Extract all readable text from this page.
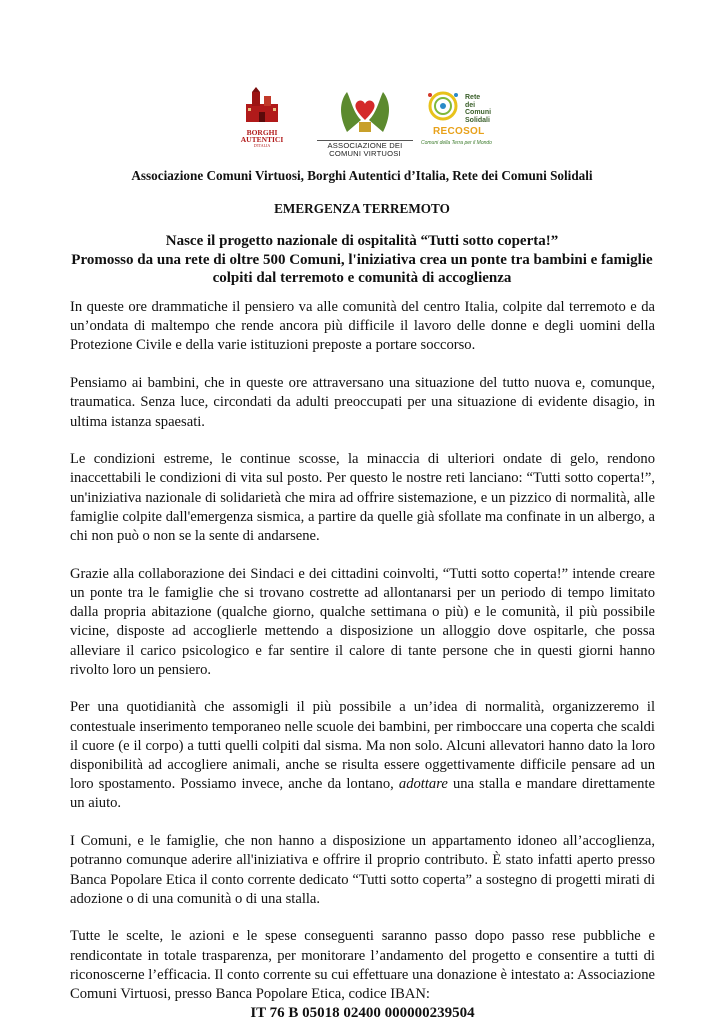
BORGHI
AUTENTICI
D'ITALIA	ASSOCIAZIONE DEI
COMUNI VIRTUOSI
Rete
dei Comuni
Solidali
RECOSOL
Comuni della Terra per il Mondo
Associazione Comuni Virtuosi, Borghi Autentici d’Italia, Rete dei Comuni Solidali
EMERGENZA TERREMOTO
Nasce il progetto nazionale di ospitalità “Tutti sotto coperta!”
Promosso da una rete di oltre 500 Comuni, l'iniziativa crea un ponte tra bambini e famiglie colpiti dal terremoto e comunità di accoglienza

In queste ore drammatiche il pensiero va alle comunità del centro Italia, colpite dal terremoto e da un’ondata di maltempo che rende ancora più difficile il lavoro delle donne e degli uomini della Protezione Civile e della varie istituzioni preposte a portare soccorso.

Pensiamo ai bambini, che in queste ore attraversano una situazione del tutto nuova e, comunque, traumatica. Senza luce, circondati da adulti preoccupati per una situazione di evidente disagio, in ultima istanza spaesati.

Le condizioni estreme, le continue scosse, la minaccia di ulteriori ondate di gelo, rendono inaccettabili le condizioni di vita sul posto. Per questo le nostre reti lanciano: “Tutti sotto coperta!”, un'iniziativa nazionale di solidarietà che mira ad offrire sistemazione, e un pizzico di normalità, alle famiglie colpite dall'emergenza sismica, a partire da quelle già sfollate ma confinate in un albergo, a chi non può o non se la sente di andarsene.

Grazie alla collaborazione dei Sindaci e dei cittadini coinvolti, “Tutti sotto coperta!” intende creare un ponte tra le famiglie che si trovano costrette ad allontanarsi per un periodo di tempo limitato dalla propria abitazione (qualche giorno, qualche settimana o più) e le comunità, il più possibile vicine, disposte ad accoglierle mettendo a disposizione un alloggio dove ospitarle, che possa alleviare il carico psicologico e far sentire il calore di tante persone che in questi giorni hanno rivolto loro un pensiero.

Per una quotidianità che assomigli il più possibile a un’idea di normalità, organizzeremo il contestuale inserimento temporaneo nelle scuole dei bambini, per rimboccare una coperta che scaldi il cuore (e il corpo) a tutti quelli colpiti dal sisma. Ma non solo. Alcuni allevatori hanno dato la loro disponibilità ad accogliere animali, anche se risulta essere oggettivamente difficile pensare ad un loro spostamento. Possiamo invece, anche da lontano, adottare una stalla e mandare direttamente un aiuto.

I Comuni, e le famiglie, che non hanno a disposizione un appartamento idoneo all’accoglienza, potranno comunque aderire all'iniziativa e offrire il proprio contributo. È stato infatti aperto presso Banca Popolare Etica il conto corrente dedicato “Tutti sotto coperta” a sostegno di progetti mirati di adozione o di una comunità o di una stalla.

Tutte le scelte, le azioni e le spese conseguenti saranno passo dopo passo rese pubbliche e rendicontate in totale trasparenza, per monitorare l’andamento del progetto e consentire a tutti di riconoscerne l’efficacia. Il conto corrente su cui effettuare una donazione è intestato a: Associazione Comuni Virtuosi, presso Banca Popolare Etica, codice IBAN:

IT 76 B 05018 02400 000000239504
